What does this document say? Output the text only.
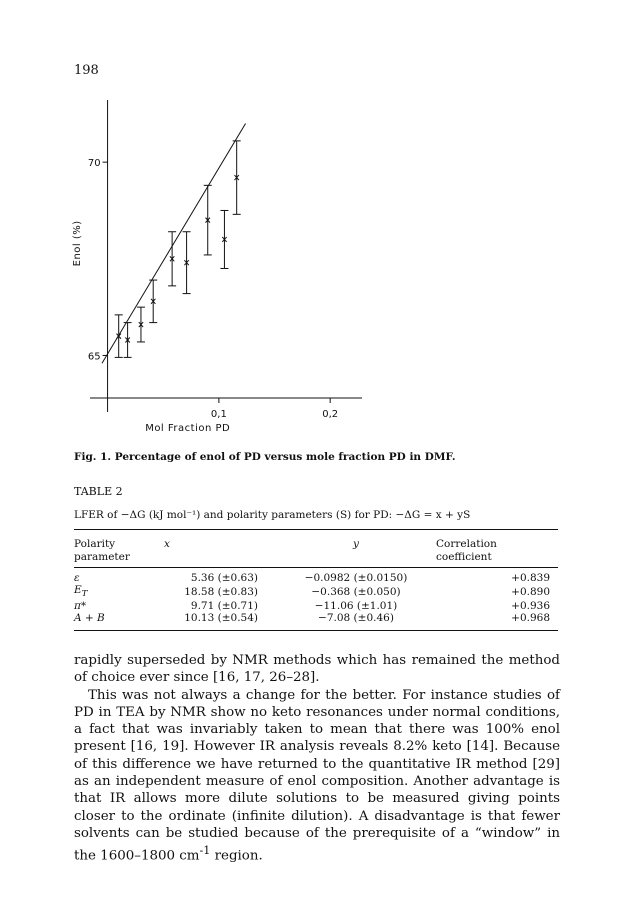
198
65
70
0,1	0,2
Mol Fraction PD
Enol (%)
Fig. 1. Percentage of enol of PD versus mole fraction PD in DMF.
TABLE 2
LFER of −ΔG (kJ mol⁻¹) and polarity parameters (S) for PD: −ΔG = x + yS
Polarity
parameter	x	y	Correlation
coefficient
ε	5.36 (±0.63)	−0.0982 (±0.0150)	+0.839
$E_T$	18.58 (±0.83)	−0.368 (±0.050)	+0.890
π*	9.71 (±0.71)	−11.06 (±1.01)	+0.936
A + B	10.13 (±0.54)	−7.08 (±0.46)	+0.968

rapidly superseded by NMR methods which has remained the method of choice ever since [16, 17, 26–28].

This was not always a change for the better. For instance studies of PD in TEA by NMR show no keto resonances under normal conditions, a fact that was invariably taken to mean that there was 100% enol present [16, 19]. However IR analysis reveals 8.2% keto [14]. Because of this difference we have returned to the quantitative IR method [29] as an independent measure of enol composition. Another advantage is that IR allows more dilute solutions to be measured giving points closer to the ordinate (infinite dilution). A disadvantage is that fewer solvents can be studied because of the prerequisite of a “window” in the 1600–1800 $cm^{-1}$ region.
